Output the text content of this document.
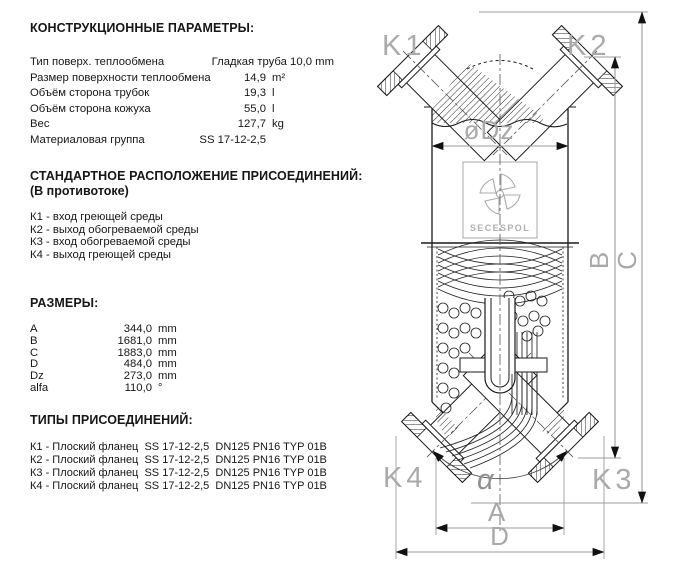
КОНСТРУКЦИОННЫЕ ПАРАМЕТРЫ:
Тип поверх. теплообмена	Гладкая труба 10,0 mm
Размер поверхности теплообмена	14,9 m²
Объём сторона трубок	19,3 l
Объём сторона кожуха	55,0 l
Вес	127,7 kg
Материаловая группа	SS 17-12-2,5
СТАНДАРТНОЕ РАСПОЛОЖЕНИЕ ПРИСОЕДИНЕНИЙ:
(В противотоке)
К1 - вход греющей среды
К2 - выход обогреваемой среды
К3 - вход обогреваемой среды
К4 - выход греющей среды
РАЗМЕРЫ:
A	344,0 mm
B	1681,0 mm
C	1883,0 mm
D	484,0 mm
Dz	273,0 mm
alfa	110,0 °
ТИПЫ ПРИСОЕДИНЕНИЙ:
К1 - Плоский фланец  SS 17-12-2,5  DN125 PN16 TYP 01B
К2 - Плоский фланец  SS 17-12-2,5  DN125 PN16 TYP 01B
К3 - Плоский фланец  SS 17-12-2,5  DN125 PN16 TYP 01B
К4 - Плоский фланец  SS 17-12-2,5  DN125 PN16 TYP 01B
SECESPOL
øDz
A
D
B
C
α
K1	K2
K4	K3
